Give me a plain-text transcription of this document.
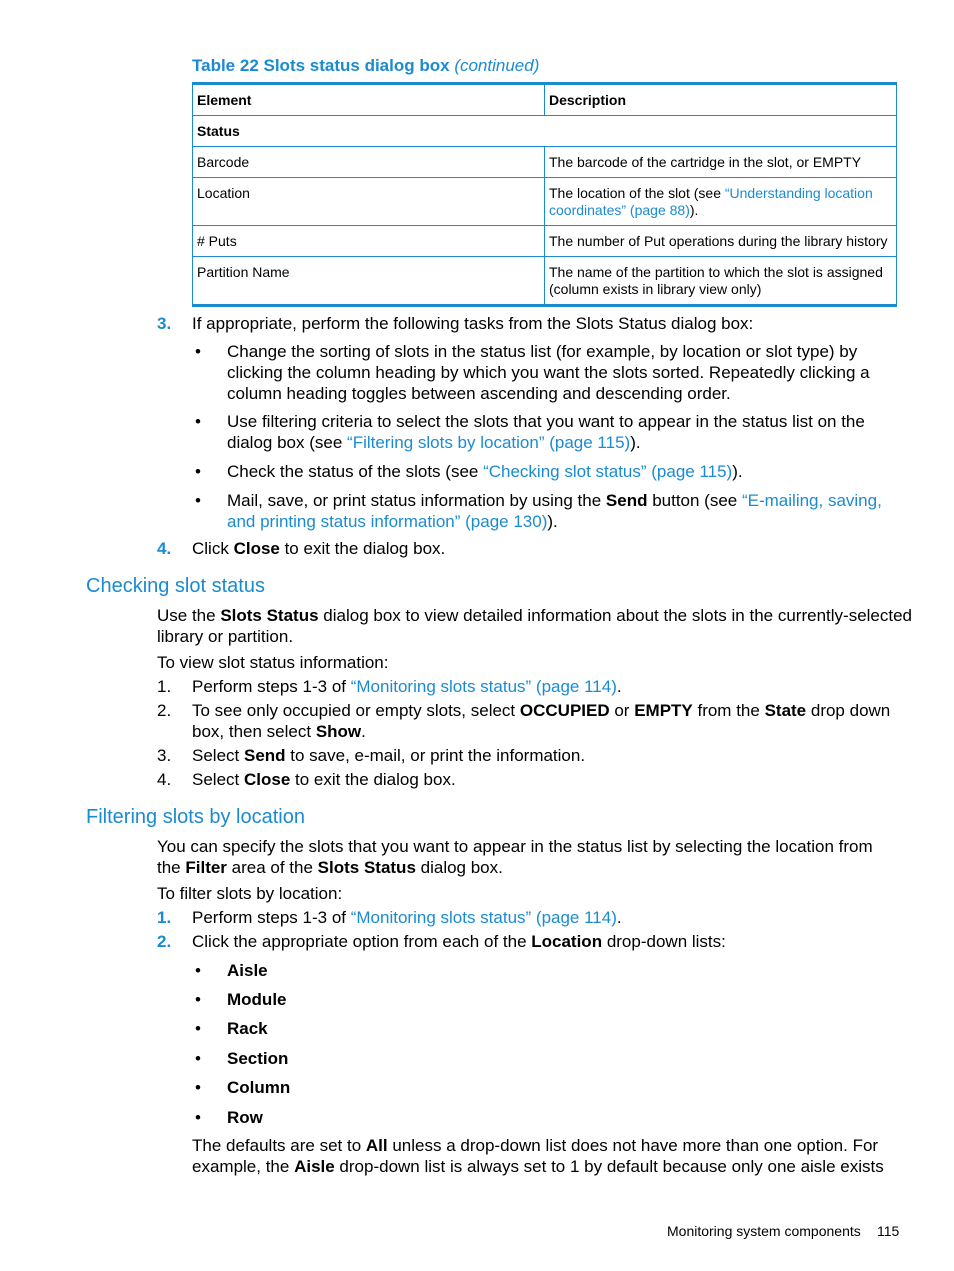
Table 22 Slots status dialog box (continued)
Element	Description
Status	
Barcode	The barcode of the cartridge in the slot, or EMPTY
Location	The location of the slot (see “Understanding location coordinates” (page 88)).
# Puts	The number of Put operations during the library history
Partition Name	The name of the partition to which the slot is assigned (column exists in library view only)
3. If appropriate, perform the following tasks from the Slots Status dialog box:
• Change the sorting of slots in the status list (for example, by location or slot type) by
clicking the column heading by which you want the slots sorted. Repeatedly clicking a
column heading toggles between ascending and descending order.
• Use filtering criteria to select the slots that you want to appear in the status list on the
dialog box (see “Filtering slots by location” (page 115)).
• Check the status of the slots (see “Checking slot status” (page 115)).
• Mail, save, or print status information by using the Send button (see “E-mailing, saving,
and printing status information” (page 130)).
4. Click Close to exit the dialog box.
Checking slot status
Use the Slots Status dialog box to view detailed information about the slots in the currently-selected
library or partition.
To view slot status information:
1. Perform steps 1-3 of “Monitoring slots status” (page 114).
2. To see only occupied or empty slots, select OCCUPIED or EMPTY from the State drop down
box, then select Show.
3. Select Send to save, e-mail, or print the information.
4. Select Close to exit the dialog box.
Filtering slots by location
You can specify the slots that you want to appear in the status list by selecting the location from
the Filter area of the Slots Status dialog box.
To filter slots by location:
1. Perform steps 1-3 of “Monitoring slots status” (page 114).
2. Click the appropriate option from each of the Location drop-down lists:
• Aisle
• Module
• Rack
• Section
• Column
• Row
The defaults are set to All unless a drop-down list does not have more than one option. For
example, the Aisle drop-down list is always set to 1 by default because only one aisle exists
Monitoring system components 115
